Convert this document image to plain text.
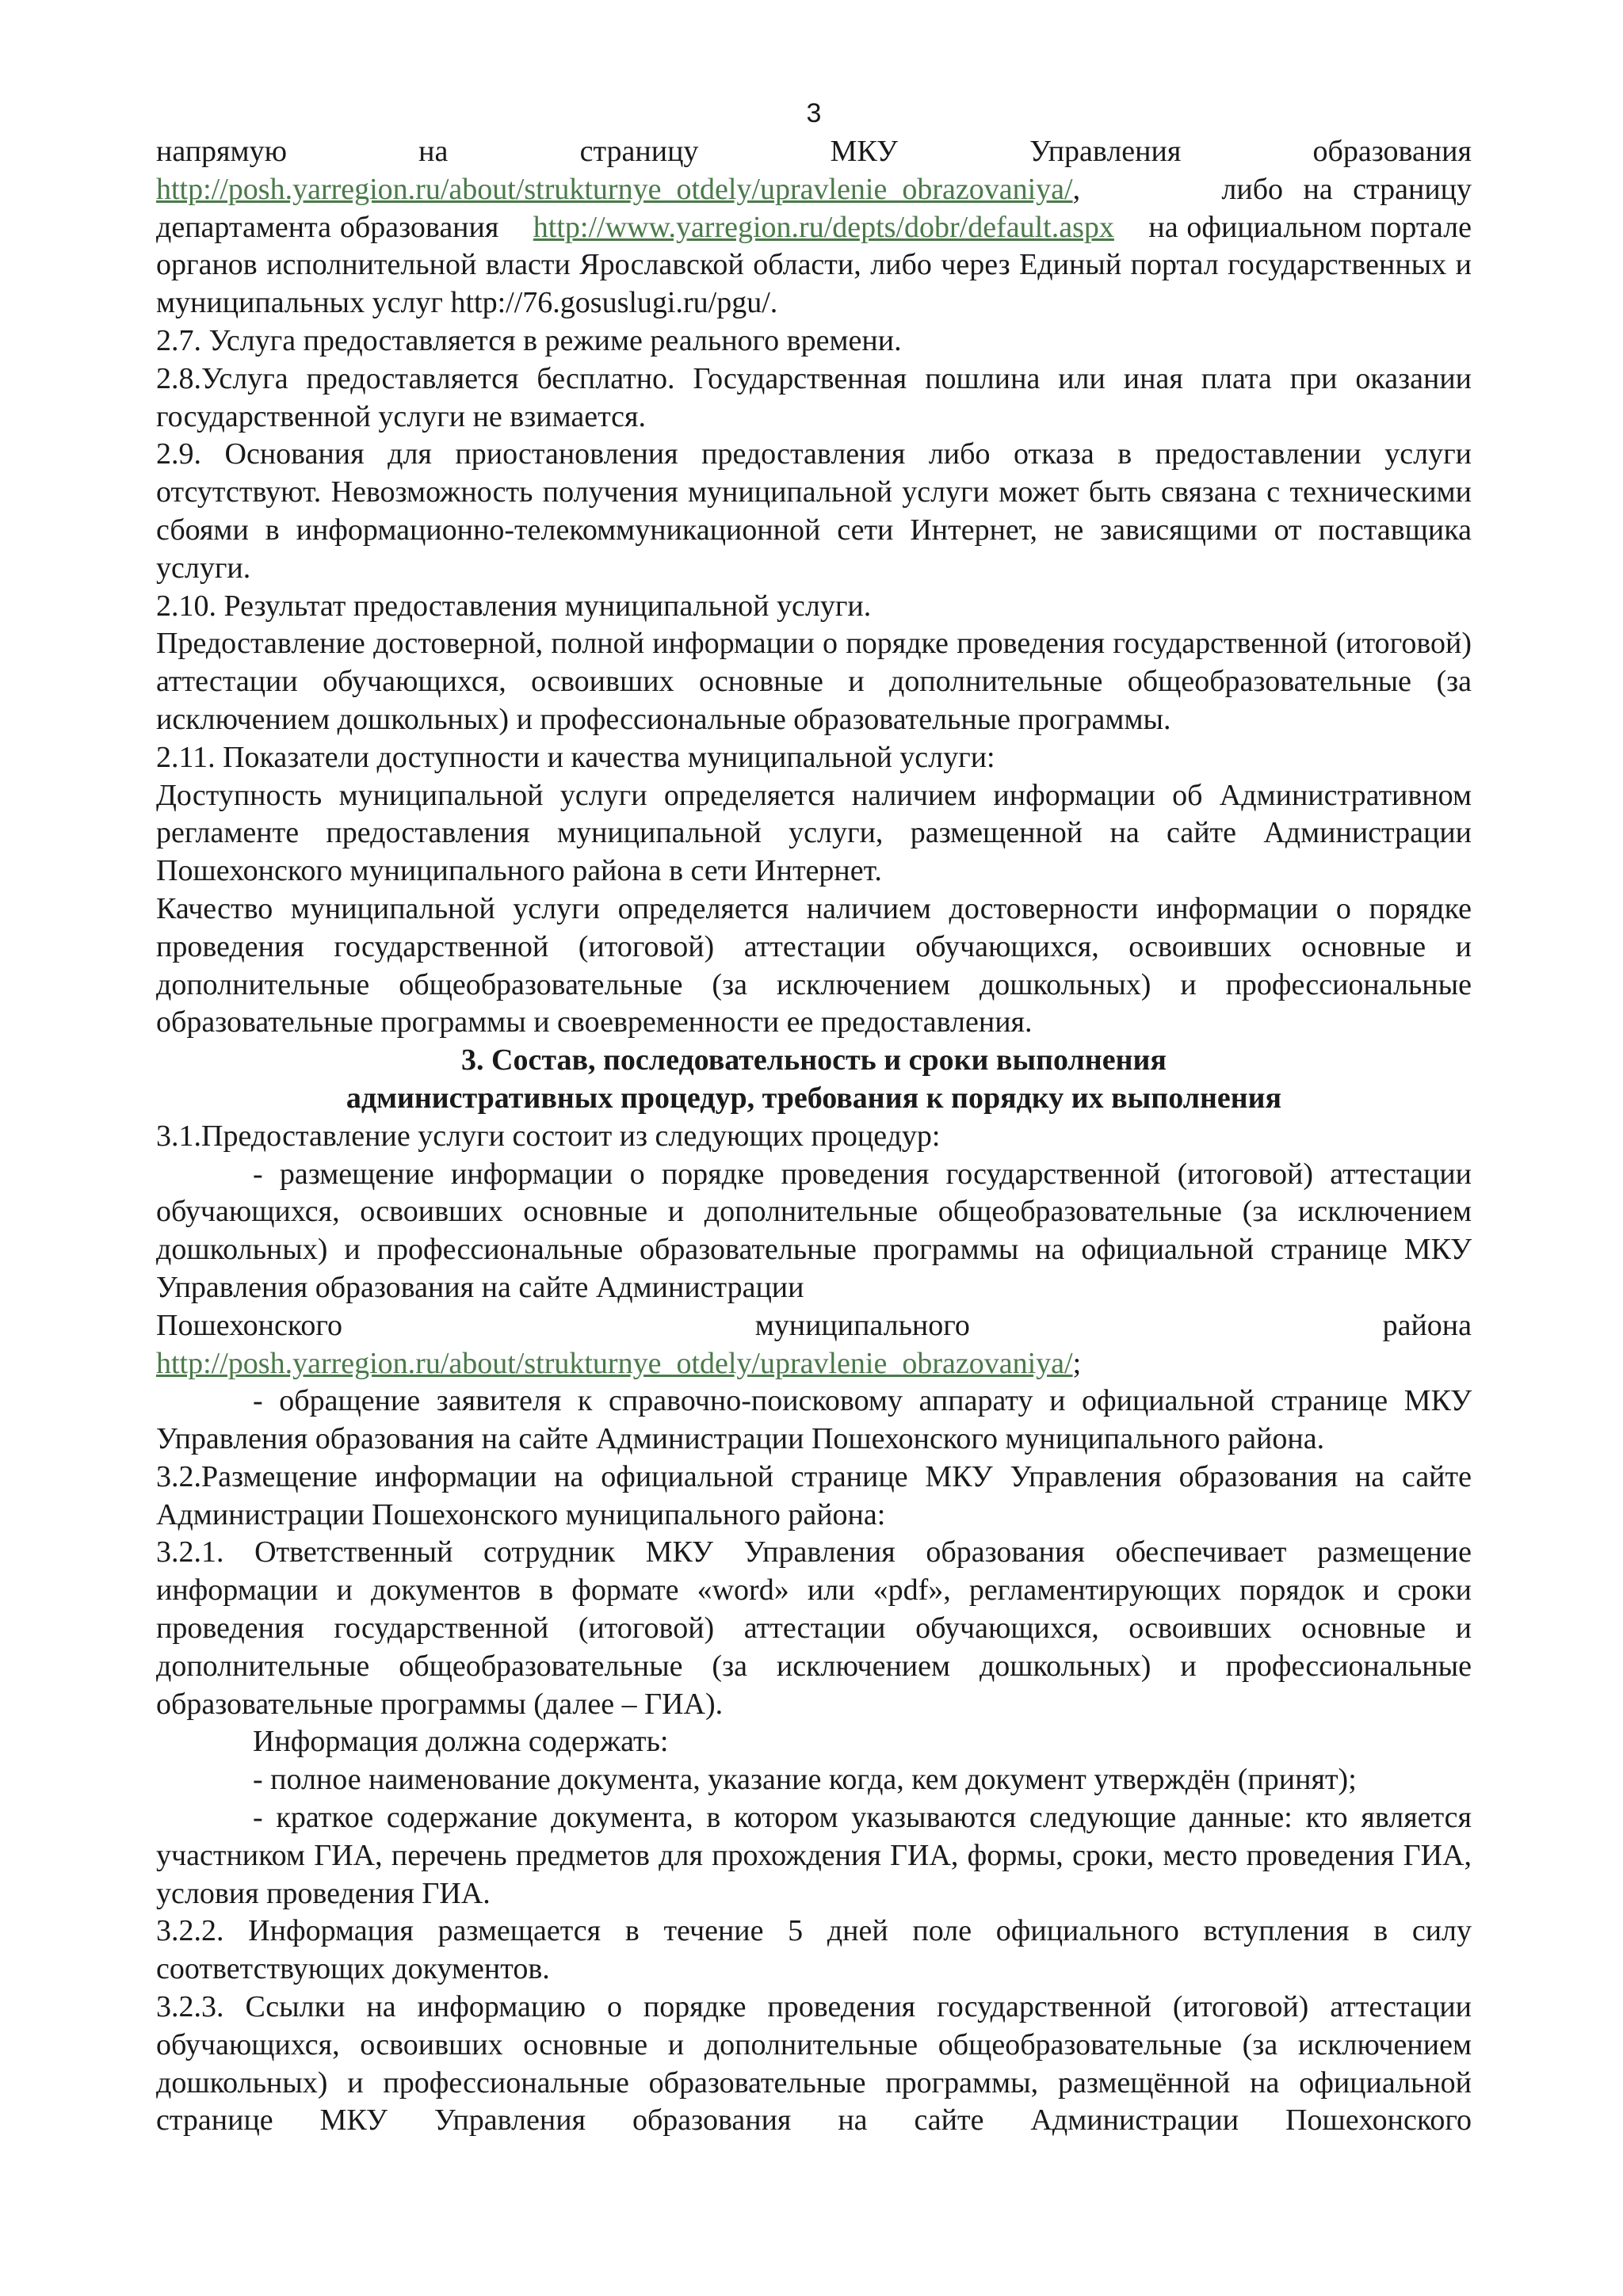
3
напрямую	на	страницу	МКУ	Управления	образования

http://posh.yarregion.ru/about/strukturnye_otdely/upravlenie_obrazovaniya/,	либо на страницу

департамента образования http://www.yarregion.ru/depts/dobr/default.aspx на официальном портале органов исполнительной власти Ярославской области, либо через Единый портал государственных и муниципальных услуг http://76.gosuslugi.ru/pgu/.

2.7. Услуга предоставляется в режиме реального времени.

2.8.Услуга предоставляется бесплатно. Государственная пошлина или иная плата при оказании государственной услуги не взимается.

2.9. Основания для приостановления предоставления либо отказа в предоставлении услуги отсутствуют. Невозможность получения муниципальной услуги может быть связана с техническими сбоями в информационно-телекоммуникационной сети Интернет, не зависящими от поставщика услуги.

2.10. Результат предоставления муниципальной услуги.

Предоставление достоверной, полной информации о порядке проведения государственной (итоговой) аттестации обучающихся, освоивших основные и дополнительные общеобразовательные (за исключением дошкольных) и профессиональные образовательные программы.

2.11. Показатели доступности и качества муниципальной услуги:

Доступность муниципальной услуги определяется наличием информации об Административном регламенте предоставления муниципальной услуги, размещенной на сайте Администрации Пошехонского муниципального района в сети Интернет.

Качество муниципальной услуги определяется наличием достоверности информации о порядке проведения государственной (итоговой) аттестации обучающихся, освоивших основные и дополнительные общеобразовательные (за исключением дошкольных) и профессиональные образовательные программы и своевременности ее предоставления.

3. Состав, последовательность и сроки выполнения
административных процедур, требования к порядку их выполнения

3.1.Предоставление услуги состоит из следующих процедур:

- размещение информации о порядке проведения государственной (итоговой) аттестации обучающихся, освоивших основные и дополнительные общеобразовательные (за исключением дошкольных) и профессиональные образовательные программы на официальной странице МКУ Управления образования на сайте Администрации

Пошехонского	муниципального	района

http://posh.yarregion.ru/about/strukturnye_otdely/upravlenie_obrazovaniya/;

- обращение заявителя к справочно-поисковому аппарату и официальной странице МКУ Управления образования на сайте Администрации Пошехонского муниципального района.

3.2.Размещение информации на официальной странице МКУ Управления образования на сайте Администрации Пошехонского муниципального района:

3.2.1. Ответственный сотрудник МКУ Управления образования обеспечивает размещение информации и документов в формате «word» или «pdf», регламентирующих порядок и сроки проведения государственной (итоговой) аттестации обучающихся, освоивших основные и дополнительные общеобразовательные (за исключением дошкольных) и профессиональные образовательные программы (далее – ГИА).

Информация должна содержать:

- полное наименование документа, указание когда, кем документ утверждён (принят);

- краткое содержание документа, в котором указываются следующие данные: кто является участником ГИА, перечень предметов для прохождения ГИА, формы, сроки, место проведения ГИА, условия проведения ГИА.

3.2.2. Информация размещается в течение 5 дней поле официального вступления в силу соответствующих документов.

3.2.3. Ссылки на информацию о порядке проведения государственной (итоговой) аттестации обучающихся, освоивших основные и дополнительные общеобразовательные (за исключением дошкольных) и профессиональные образовательные программы, размещённой на официальной странице МКУ Управления образования на сайте Администрации Пошехонского
